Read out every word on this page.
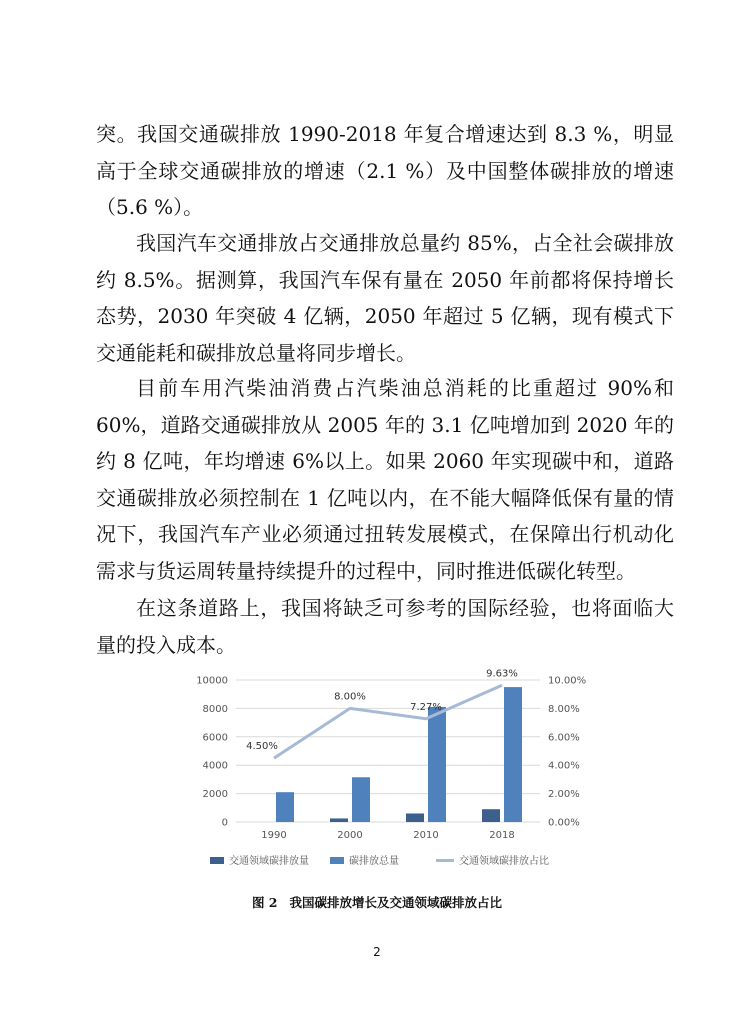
突。我国交通碳排放 1990-2018 年复合增速达到 8.3 %，明显高于全球交通碳排放的增速（2.1 %）及中国整体碳排放的增速（5.6 %）。

我国汽车交通排放占交通排放总量约 85%，占全社会碳排放约 8.5%。据测算，我国汽车保有量在 2050 年前都将保持增长态势，2030 年突破 4 亿辆，2050 年超过 5 亿辆，现有模式下交通能耗和碳排放总量将同步增长。

目前车用汽柴油消费占汽柴油总消耗的比重超过 90%和 60%，道路交通碳排放从 2005 年的 3.1 亿吨增加到 2020 年的约 8 亿吨，年均增速 6%以上。如果 2060 年实现碳中和，道路交通碳排放必须控制在 1 亿吨以内，在不能大幅降低保有量的情况下，我国汽车产业必须通过扭转发展模式，在保障出行机动化需求与货运周转量持续提升的过程中，同时推进低碳化转型。

在这条道路上，我国将缺乏可参考的国际经验，也将面临大量的投入成本。

0	0.00%
2000	2.00%
4000	4.00%
6000	6.00%
8000	8.00%
10000	10.00%
1990	2000	2010	2018
4.50%
8.00%
7.27%
9.63%
交通领域碳排放量	碳排放总量	交通领域碳排放占比
图 2 我国碳排放增长及交通领域碳排放占比
2
